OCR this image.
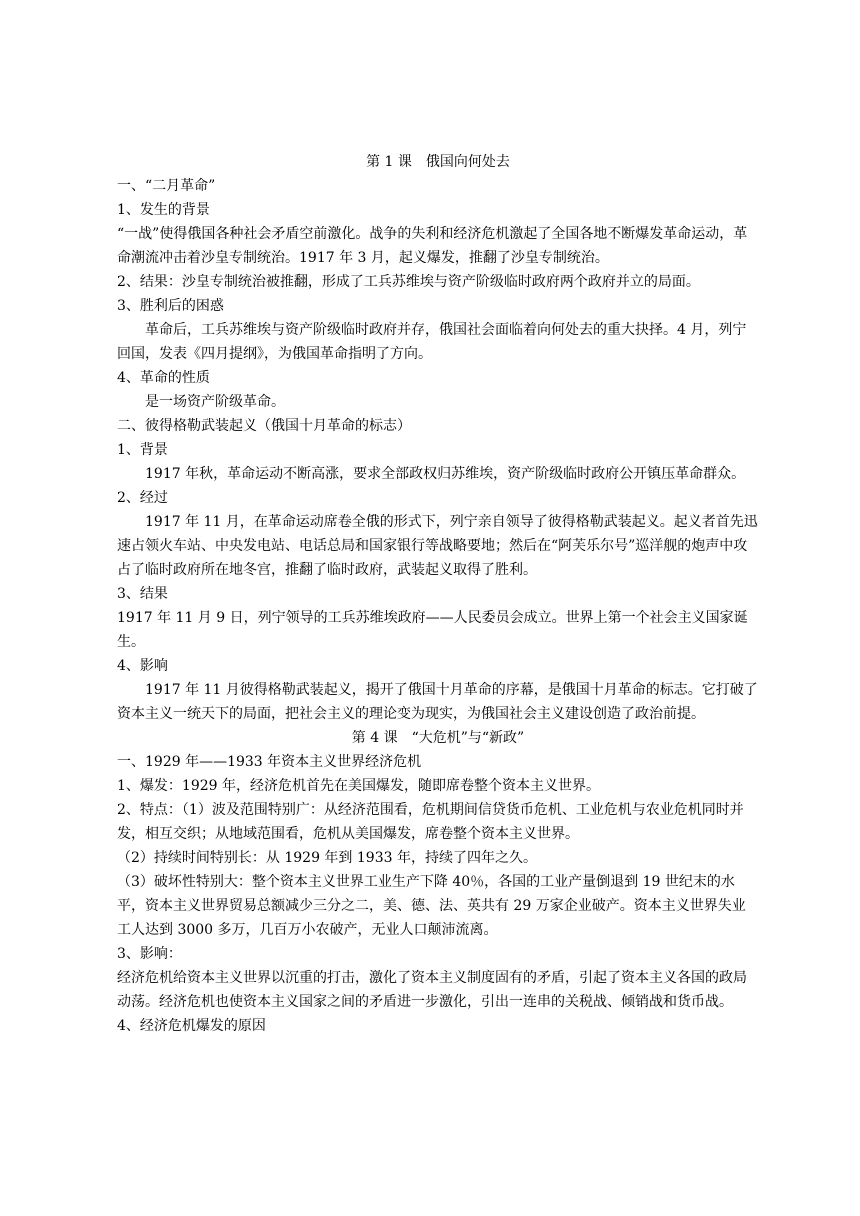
第 1 课　俄国向何处去

一、“二月革命”

1、发生的背景

“一战”使得俄国各种社会矛盾空前激化。战争的失利和经济危机激起了全国各地不断爆发革命运动，革命潮流冲击着沙皇专制统治。1917 年 3 月，起义爆发，推翻了沙皇专制统治。

2、结果：沙皇专制统治被推翻，形成了工兵苏维埃与资产阶级临时政府两个政府并立的局面。

3、胜利后的困惑

革命后，工兵苏维埃与资产阶级临时政府并存，俄国社会面临着向何处去的重大抉择。4 月，列宁回国，发表《四月提纲》，为俄国革命指明了方向。

4、革命的性质

是一场资产阶级革命。

二、彼得格勒武装起义（俄国十月革命的标志）

1、背景

1917 年秋，革命运动不断高涨，要求全部政权归苏维埃，资产阶级临时政府公开镇压革命群众。

2、经过

1917 年 11 月，在革命运动席卷全俄的形式下，列宁亲自领导了彼得格勒武装起义。起义者首先迅速占领火车站、中央发电站、电话总局和国家银行等战略要地；然后在“阿芙乐尔号”巡洋舰的炮声中攻占了临时政府所在地冬宫，推翻了临时政府，武装起义取得了胜利。

3、结果

1917 年 11 月 9 日，列宁领导的工兵苏维埃政府——人民委员会成立。世界上第一个社会主义国家诞生。

4、影响

1917 年 11 月彼得格勒武装起义，揭开了俄国十月革命的序幕，是俄国十月革命的标志。它打破了资本主义一统天下的局面，把社会主义的理论变为现实，为俄国社会主义建设创造了政治前提。

第 4 课　“大危机”与“新政”

一、1929 年——1933 年资本主义世界经济危机

1、爆发：1929 年，经济危机首先在美国爆发，随即席卷整个资本主义世界。

2、特点：（1）波及范围特别广：从经济范围看，危机期间信贷货币危机、工业危机与农业危机同时并发，相互交织；从地域范围看，危机从美国爆发，席卷整个资本主义世界。

（2）持续时间特别长：从 1929 年到 1933 年，持续了四年之久。

（3）破坏性特别大：整个资本主义世界工业生产下降 40％，各国的工业产量倒退到 19 世纪末的水平，资本主义世界贸易总额减少三分之二，美、德、法、英共有 29 万家企业破产。资本主义世界失业工人达到 3000 多万，几百万小农破产，无业人口颠沛流离。

3、影响：

经济危机给资本主义世界以沉重的打击，激化了资本主义制度固有的矛盾，引起了资本主义各国的政局动荡。经济危机也使资本主义国家之间的矛盾进一步激化，引出一连串的关税战、倾销战和货币战。

4、经济危机爆发的原因
